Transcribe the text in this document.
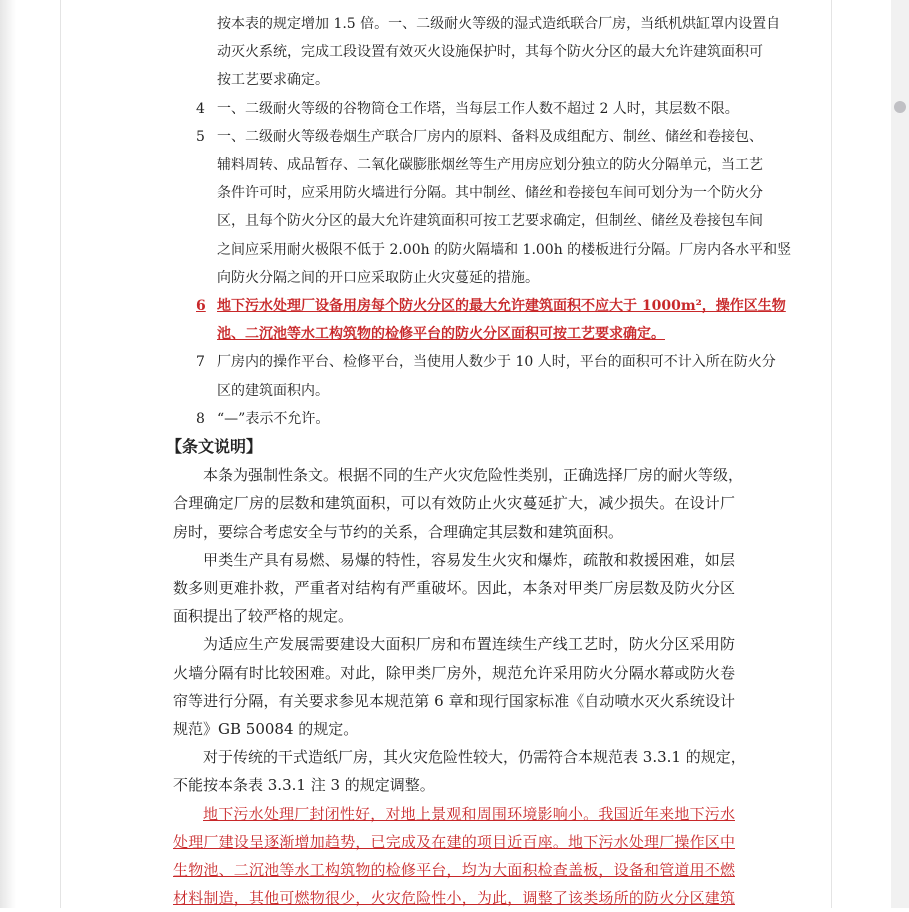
按本表的规定增加 1.5 倍。一、二级耐火等级的湿式造纸联合厂房，当纸机烘缸罩内设置自
动灭火系统，完成工段设置有效灭火设施保护时，其每个防火分区的最大允许建筑面积可
按工艺要求确定。
4 一、二级耐火等级的谷物筒仓工作塔，当每层工作人数不超过 2 人时，其层数不限。
5 一、二级耐火等级卷烟生产联合厂房内的原料、备料及成组配方、制丝、储丝和卷接包、
辅料周转、成品暂存、二氧化碳膨胀烟丝等生产用房应划分独立的防火分隔单元，当工艺
条件许可时，应采用防火墙进行分隔。其中制丝、储丝和卷接包车间可划分为一个防火分
区，且每个防火分区的最大允许建筑面积可按工艺要求确定，但制丝、储丝及卷接包车间
之间应采用耐火极限不低于 2.00h 的防火隔墙和 1.00h 的楼板进行分隔。厂房内各水平和竖
向防火分隔之间的开口应采取防止火灾蔓延的措施。
6 地下污水处理厂设备用房每个防火分区的最大允许建筑面积不应大于 1000m²，操作区生物
池、二沉池等水工构筑物的检修平台的防火分区面积可按工艺要求确定。
7 厂房内的操作平台、检修平台，当使用人数少于 10 人时，平台的面积可不计入所在防火分
区的建筑面积内。
8 “—”表示不允许。
【条文说明】
本条为强制性条文。根据不同的生产火灾危险性类别，正确选择厂房的耐火等级，
合理确定厂房的层数和建筑面积，可以有效防止火灾蔓延扩大，减少损失。在设计厂
房时，要综合考虑安全与节约的关系，合理确定其层数和建筑面积。
甲类生产具有易燃、易爆的特性，容易发生火灾和爆炸，疏散和救援困难，如层
数多则更难扑救，严重者对结构有严重破坏。因此，本条对甲类厂房层数及防火分区
面积提出了较严格的规定。
为适应生产发展需要建设大面积厂房和布置连续生产线工艺时，防火分区采用防
火墙分隔有时比较困难。对此，除甲类厂房外，规范允许采用防火分隔水幕或防火卷
帘等进行分隔，有关要求参见本规范第 6 章和现行国家标准《自动喷水灭火系统设计
规范》GB 50084 的规定。
对于传统的干式造纸厂房，其火灾危险性较大，仍需符合本规范表 3.3.1 的规定，
不能按本条表 3.3.1 注 3 的规定调整。
地下污水处理厂封闭性好，对地上景观和周围环境影响小。我国近年来地下污水
处理厂建设呈逐渐增加趋势，已完成及在建的项目近百座。地下污水处理厂操作区中
生物池、二沉池等水工构筑物的检修平台，均为大面积检查盖板，设备和管道用不燃
材料制造，其他可燃物很少，火灾危险性小，为此，调整了该类场所的防火分区建筑
